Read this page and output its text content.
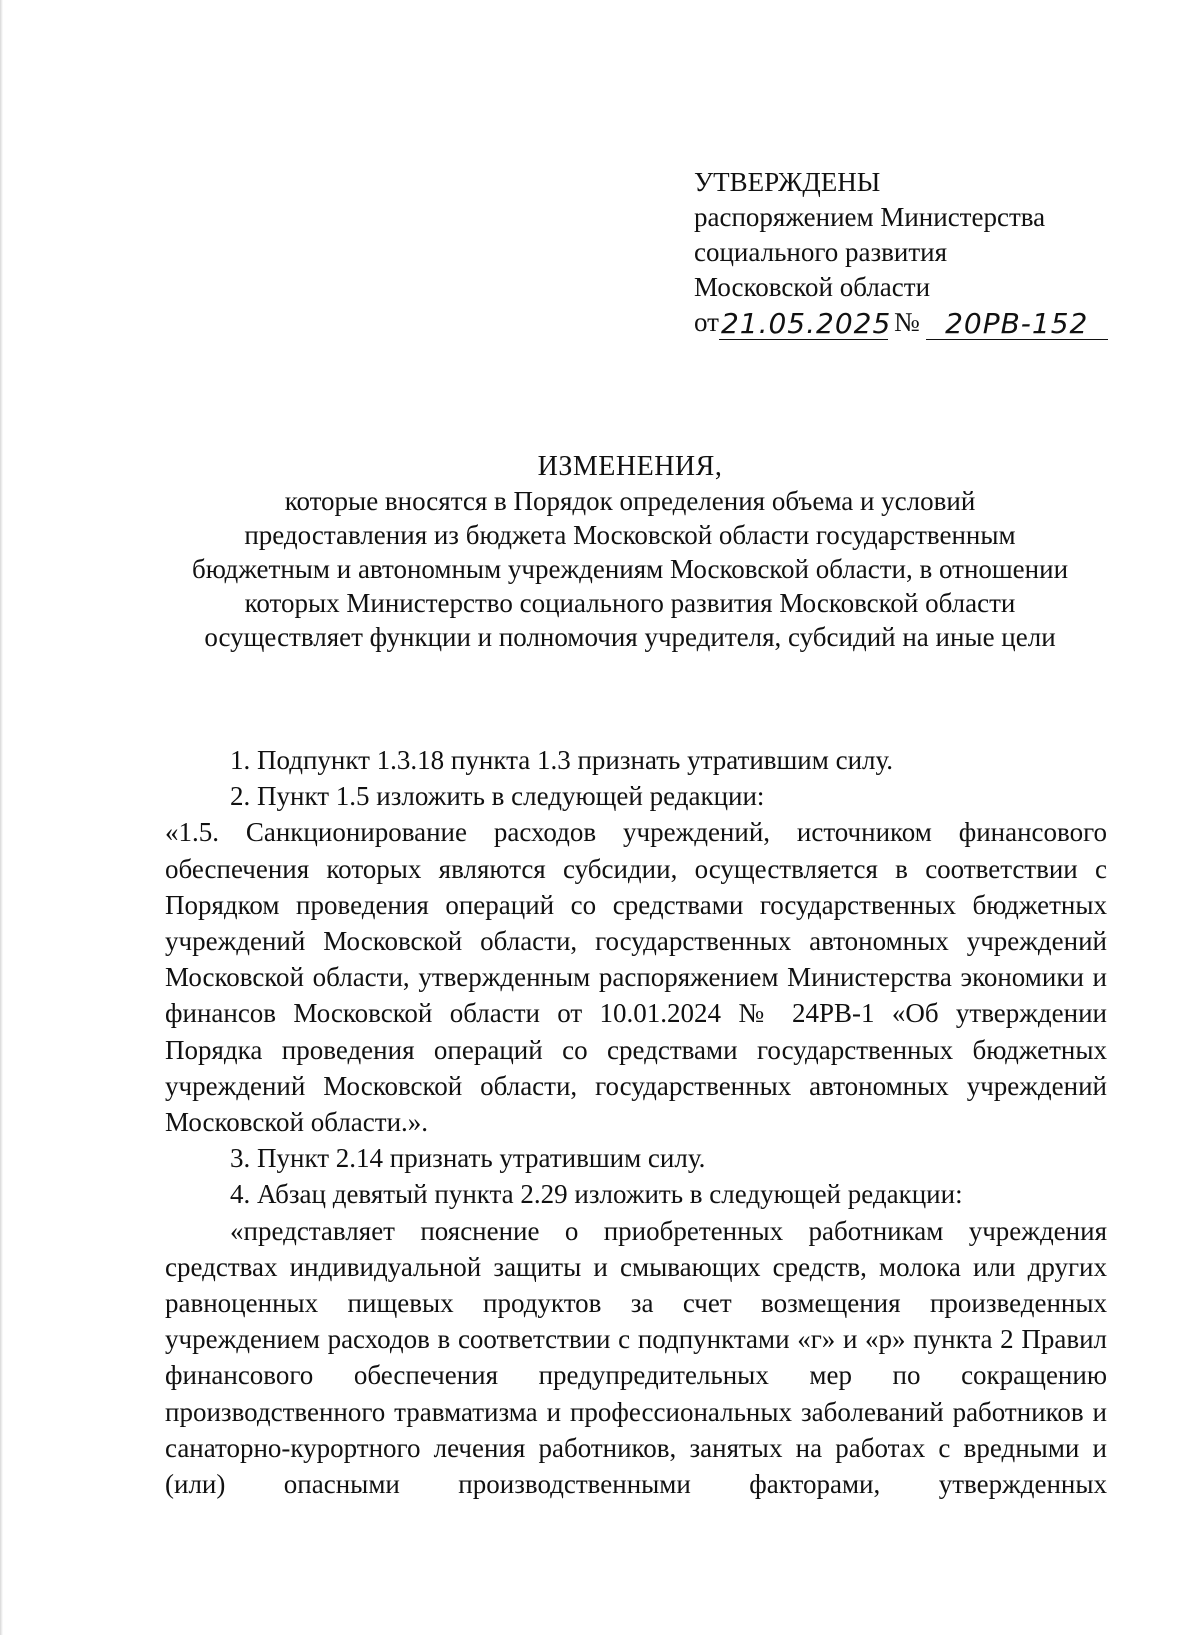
УТВЕРЖДЕНЫ
распоряжением Министерства
социального развития
Московской области
от 21.05.2025 № 20РВ-152
ИЗМЕНЕНИЯ,
которые вносятся в Порядок определения объема и условий
предоставления из бюджета Московской области государственным
бюджетным и автономным учреждениям Московской области, в отношении
которых Министерство социального развития Московской области
осуществляет функции и полномочия учредителя, субсидий на иные цели

1. Подпункт 1.3.18 пункта 1.3 признать утратившим силу.

2. Пункт 1.5 изложить в следующей редакции:

«1.5. Санкционирование расходов учреждений, источником финансового обеспечения которых являются субсидии, осуществляется в соответствии с Порядком проведения операций со средствами государственных бюджетных учреждений Московской области, государственных автономных учреждений Московской области, утвержденным распоряжением Министерства экономики и финансов Московской области от 10.01.2024 № 24РВ-1 «Об утверждении Порядка проведения операций со средствами государственных бюджетных учреждений Московской области, государственных автономных учреждений Московской области.».

3. Пункт 2.14 признать утратившим силу.

4. Абзац девятый пункта 2.29 изложить в следующей редакции:

«представляет пояснение о приобретенных работникам учреждения средствах индивидуальной защиты и смывающих средств, молока или других равноценных пищевых продуктов за счет возмещения произведенных учреждением расходов в соответствии с подпунктами «г» и «р» пункта 2 Правил финансового обеспечения предупредительных мер по сокращению производственного травматизма и профессиональных заболеваний работников и санаторно-курортного лечения работников, занятых на работах с вредными и (или) опасными производственными факторами, утвержденных
